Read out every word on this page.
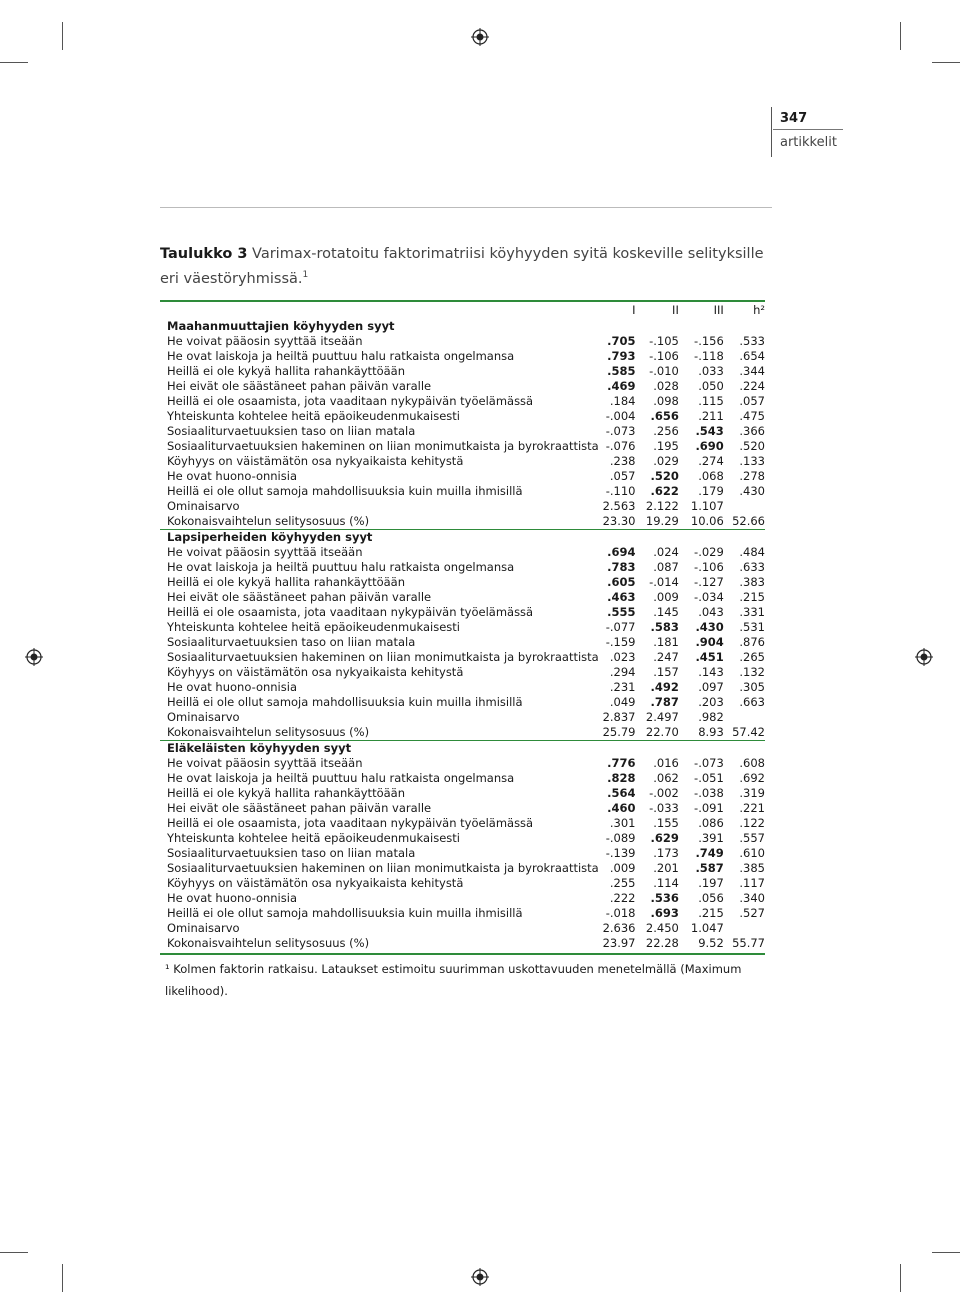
347
artikkelit
Taulukko 3 Varimax-rotatoitu faktorimatriisi köyhyyden syitä koskeville selityksille eri väestöryhmissä.$^1$
	I	II	III	h²
Maahanmuuttajien köyhyyden syyt				
He voivat pääosin syyttää itseään	.705	-.105	-.156	.533
He ovat laiskoja ja heiltä puuttuu halu ratkaista ongelmansa	.793	-.106	-.118	.654
Heillä ei ole kykyä hallita rahankäyttöään	.585	-.010	.033	.344
Hei eivät ole säästäneet pahan päivän varalle	.469	.028	.050	.224
Heillä ei ole osaamista, jota vaaditaan nykypäivän työelämässä	.184	.098	.115	.057
Yhteiskunta kohtelee heitä epäoikeudenmukaisesti	-.004	.656	.211	.475
Sosiaaliturvaetuuksien taso on liian matala	-.073	.256	.543	.366
Sosiaaliturvaetuuksien hakeminen on liian monimutkaista ja byrokraattista	-.076	.195	.690	.520
Köyhyys on väistämätön osa nykyaikaista kehitystä	.238	.029	.274	.133
He ovat huono-onnisia	.057	.520	.068	.278
Heillä ei ole ollut samoja mahdollisuuksia kuin muilla ihmisillä	-.110	.622	.179	.430
Ominaisarvo	2.563	2.122	1.107	
Kokonaisvaihtelun selitysosuus (%)	23.30	19.29	10.06	52.66
Lapsiperheiden köyhyyden syyt				
He voivat pääosin syyttää itseään	.694	.024	-.029	.484
He ovat laiskoja ja heiltä puuttuu halu ratkaista ongelmansa	.783	.087	-.106	.633
Heillä ei ole kykyä hallita rahankäyttöään	.605	-.014	-.127	.383
Hei eivät ole säästäneet pahan päivän varalle	.463	.009	-.034	.215
Heillä ei ole osaamista, jota vaaditaan nykypäivän työelämässä	.555	.145	.043	.331
Yhteiskunta kohtelee heitä epäoikeudenmukaisesti	-.077	.583	.430	.531
Sosiaaliturvaetuuksien taso on liian matala	-.159	.181	.904	.876
Sosiaaliturvaetuuksien hakeminen on liian monimutkaista ja byrokraattista	.023	.247	.451	.265
Köyhyys on väistämätön osa nykyaikaista kehitystä	.294	.157	.143	.132
He ovat huono-onnisia	.231	.492	.097	.305
Heillä ei ole ollut samoja mahdollisuuksia kuin muilla ihmisillä	.049	.787	.203	.663
Ominaisarvo	2.837	2.497	.982	
Kokonaisvaihtelun selitysosuus (%)	25.79	22.70	8.93	57.42
Eläkeläisten köyhyyden syyt				
He voivat pääosin syyttää itseään	.776	.016	-.073	.608
He ovat laiskoja ja heiltä puuttuu halu ratkaista ongelmansa	.828	.062	-.051	.692
Heillä ei ole kykyä hallita rahankäyttöään	.564	-.002	-.038	.319
Hei eivät ole säästäneet pahan päivän varalle	.460	-.033	-.091	.221
Heillä ei ole osaamista, jota vaaditaan nykypäivän työelämässä	.301	.155	.086	.122
Yhteiskunta kohtelee heitä epäoikeudenmukaisesti	-.089	.629	.391	.557
Sosiaaliturvaetuuksien taso on liian matala	-.139	.173	.749	.610
Sosiaaliturvaetuuksien hakeminen on liian monimutkaista ja byrokraattista	.009	.201	.587	.385
Köyhyys on väistämätön osa nykyaikaista kehitystä	.255	.114	.197	.117
He ovat huono-onnisia	.222	.536	.056	.340
Heillä ei ole ollut samoja mahdollisuuksia kuin muilla ihmisillä	-.018	.693	.215	.527
Ominaisarvo	2.636	2.450	1.047	
Kokonaisvaihtelun selitysosuus (%)	23.97	22.28	9.52	55.77
¹ Kolmen faktorin ratkaisu. Lataukset estimoitu suurimman uskottavuuden menetelmällä (Maximum
likelihood).
